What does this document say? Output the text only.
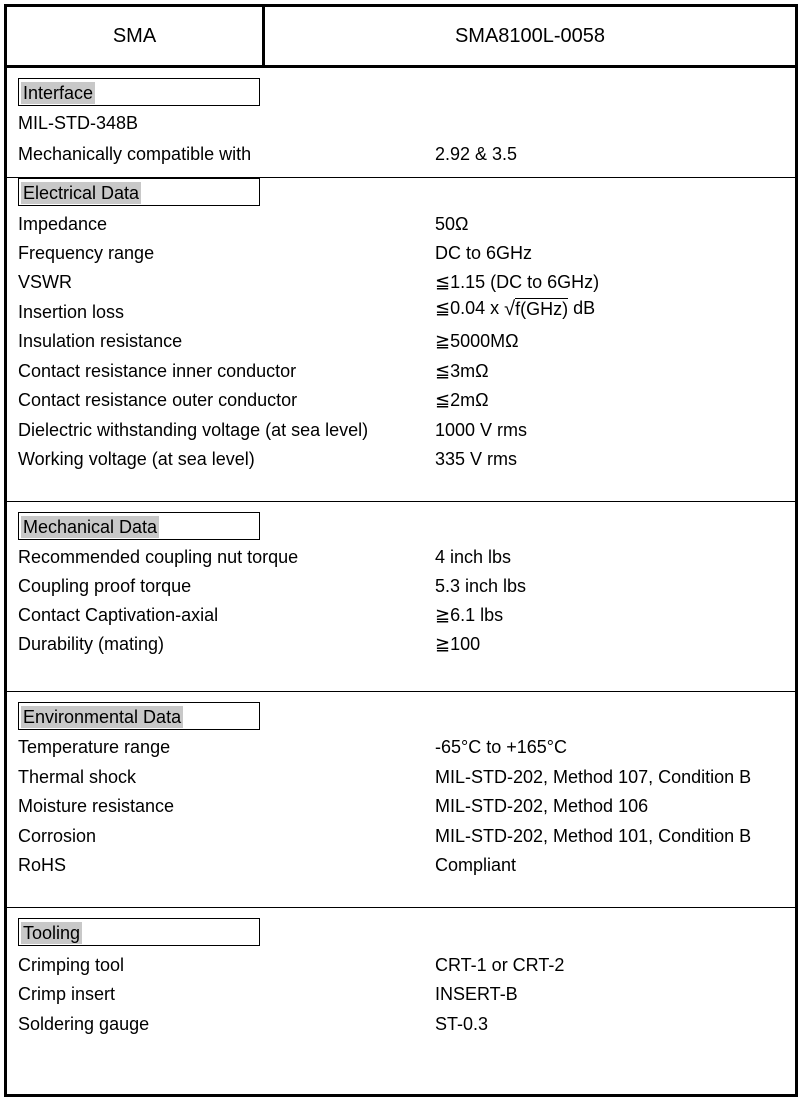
SMA	SMA8100L-0058
Interface
MIL-STD-348B
Mechanically compatible with	2.92 & 3.5
Electrical Data
Impedance	50Ω
Frequency range	DC to 6GHz
VSWR	≦1.15 (DC to 6GHz)
Insertion loss	≦0.04 x √f(GHz) dB
Insulation resistance	≧5000MΩ
Contact resistance inner conductor	≦3mΩ
Contact resistance outer conductor	≦2mΩ
Dielectric withstanding voltage (at sea level)	1000 V rms
Working voltage (at sea level)	335 V rms
Mechanical Data
Recommended coupling nut torque	4 inch lbs
Coupling proof torque	5.3 inch lbs
Contact Captivation-axial	≧6.1 lbs
Durability (mating)	≧100
Environmental Data
Temperature range	-65°C to +165°C
Thermal shock	MIL-STD-202, Method 107, Condition B
Moisture resistance	MIL-STD-202, Method 106
Corrosion	MIL-STD-202, Method 101, Condition B
RoHS	Compliant
Tooling
Crimping tool	CRT-1 or CRT-2
Crimp insert	INSERT-B
Soldering gauge	ST-0.3
